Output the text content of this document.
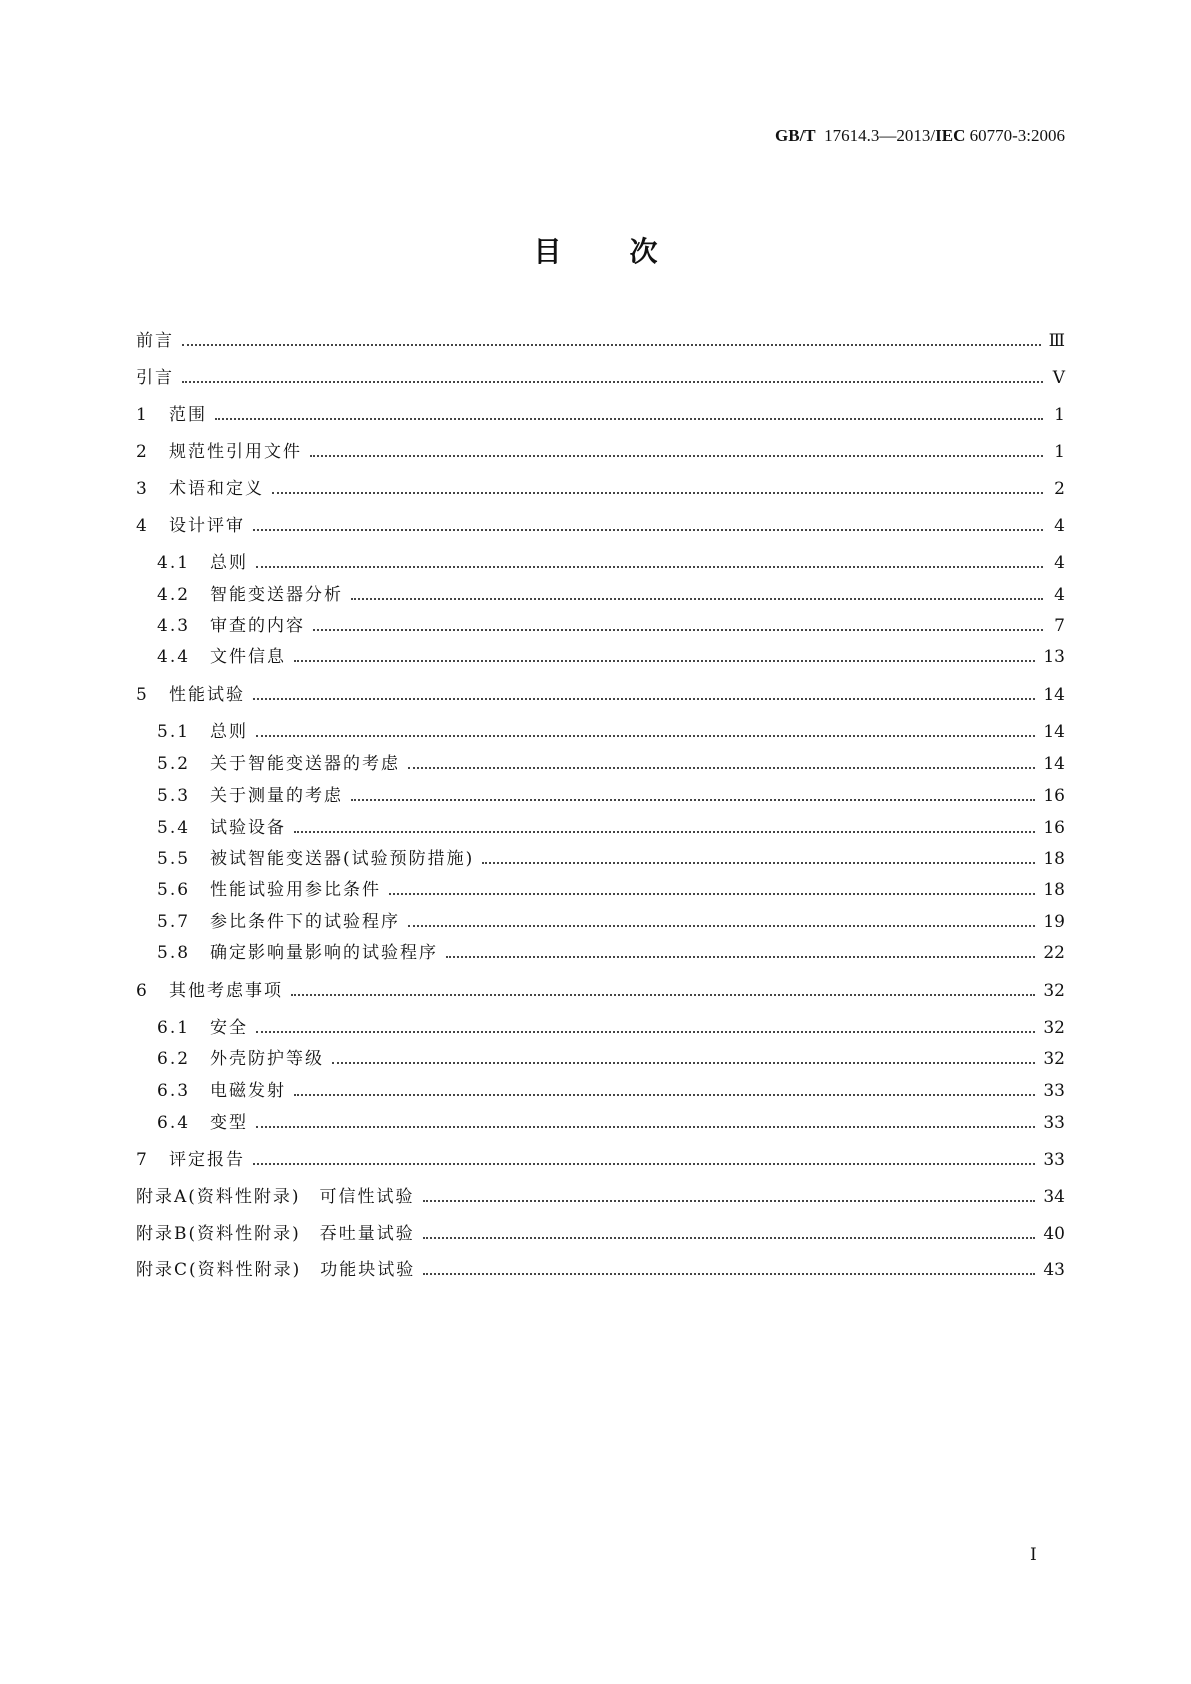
GB/T 17614.3—2013/IEC 60770-3:2006
目次
前言	Ⅲ
引言	Ⅴ
1	范围	1
2	规范性引用文件	1
3	术语和定义	2
4	设计评审	4
4.1	总则	4
4.2	智能变送器分析	4
4.3	审查的内容	7
4.4	文件信息	13
5	性能试验	14
5.1	总则	14
5.2	关于智能变送器的考虑	14
5.3	关于测量的考虑	16
5.4	试验设备	16
5.5	被试智能变送器(试验预防措施)	18
5.6	性能试验用参比条件	18
5.7	参比条件下的试验程序	19
5.8	确定影响量影响的试验程序	22
6	其他考虑事项	32
6.1	安全	32
6.2	外壳防护等级	32
6.3	电磁发射	33
6.4	变型	33
7	评定报告	33
附录A(资料性附录)　可信性试验	34
附录B(资料性附录)　吞吐量试验	40
附录C(资料性附录)　功能块试验	43
I
